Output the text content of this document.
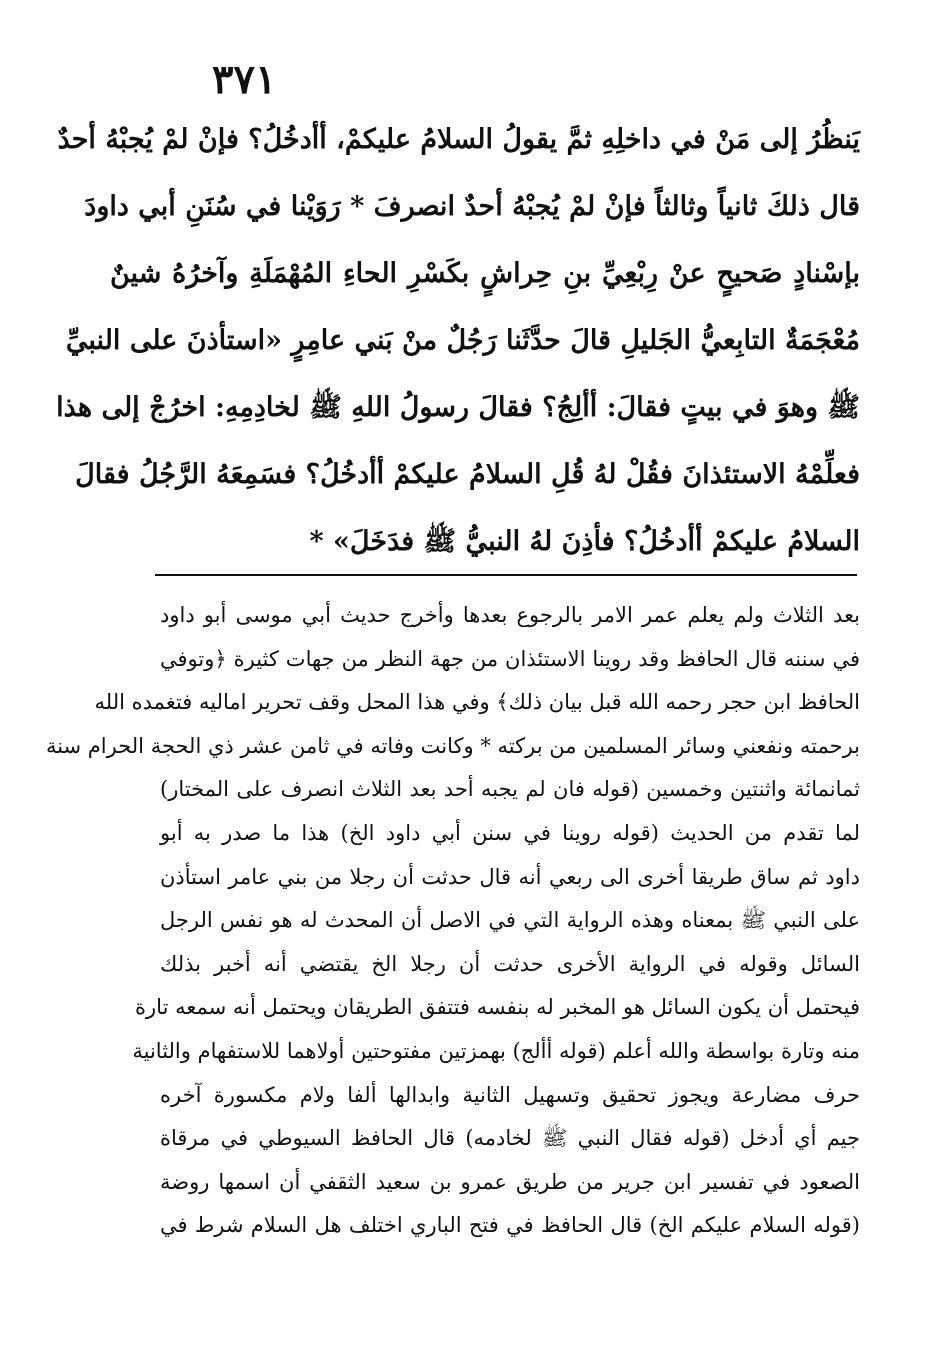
٣٧١
يَنظُرُ إلى مَنْ في داخلِهِ ثمَّ يقولُ السلامُ عليكمْ، أأدخُلُ؟ فإنْ لمْ يُجبْهُ أحدٌ
قال ذلكَ ثانياً وثالثاً فإنْ لمْ يُجبْهُ أحدٌ انصرفَ * رَوَيْنا في سُنَنِ أبي داودَ
بإسْنادٍ صَحيحٍ عنْ رِبْعِيِّ بنِ حِراشٍ بكَسْرِ الحاءِ المُهْمَلَةِ وآخرُهُ شينٌ
مُعْجَمَةٌ التابِعيُّ الجَليلِ قالَ حدَّثَنا رَجُلٌ منْ بَني عامِرٍ «استأذنَ على النبيِّ
ﷺ وهوَ في بيتٍ فقالَ: أألِجُ؟ فقالَ رسولُ اللهِ ﷺ لخادِمِهِ: اخرُجْ إلى هذا
فعلِّمْهُ الاستئذانَ فقُلْ لهُ قُلِ السلامُ عليكمْ أأدخُلُ؟ فسَمِعَهُ الرَّجُلُ فقالَ
السلامُ عليكمْ أأدخُلُ؟ فأذِنَ لهُ النبيُّ ﷺ فدَخَلَ» *
بعد الثلاث ولم يعلم عمر الامر بالرجوع بعدها وأخرج حديث أبي موسى أبو داود
في سننه قال الحافظ وقد روينا الاستئذان من جهة النظر من جهات كثيرة ﴿وتوفي
الحافظ ابن حجر رحمه الله قبل بيان ذلك﴾ وفي هذا المحل وقف تحرير اماليه فتغمده الله
برحمته ونفعني وسائر المسلمين من بركته * وكانت وفاته في ثامن عشر ذي الحجة الحرام سنة
ثمانمائة واثنتين وخمسين (قوله فان لم يجبه أحد بعد الثلاث انصرف على المختار)
لما تقدم من الحديث (قوله روينا في سنن أبي داود الخ) هذا ما صدر به أبو
داود ثم ساق طريقا أخرى الى ربعي أنه قال حدثت أن رجلا من بني عامر استأذن
على النبي ﷺ بمعناه وهذه الرواية التي في الاصل أن المحدث له هو نفس الرجل
السائل وقوله في الرواية الأخرى حدثت أن رجلا الخ يقتضي أنه أخبر بذلك
فيحتمل أن يكون السائل هو المخبر له بنفسه فتتفق الطريقان ويحتمل أنه سمعه تارة
منه وتارة بواسطة والله أعلم (قوله أألج) بهمزتين مفتوحتين أولاهما للاستفهام والثانية
حرف مضارعة ويجوز تحقيق وتسهيل الثانية وابدالها ألفا ولام مكسورة آخره
جيم أي أدخل (قوله فقال النبي ﷺ لخادمه) قال الحافظ السيوطي في مرقاة
الصعود في تفسير ابن جرير من طريق عمرو بن سعيد الثقفي أن اسمها روضة
(قوله السلام عليكم الخ) قال الحافظ في فتح الباري اختلف هل السلام شرط في
